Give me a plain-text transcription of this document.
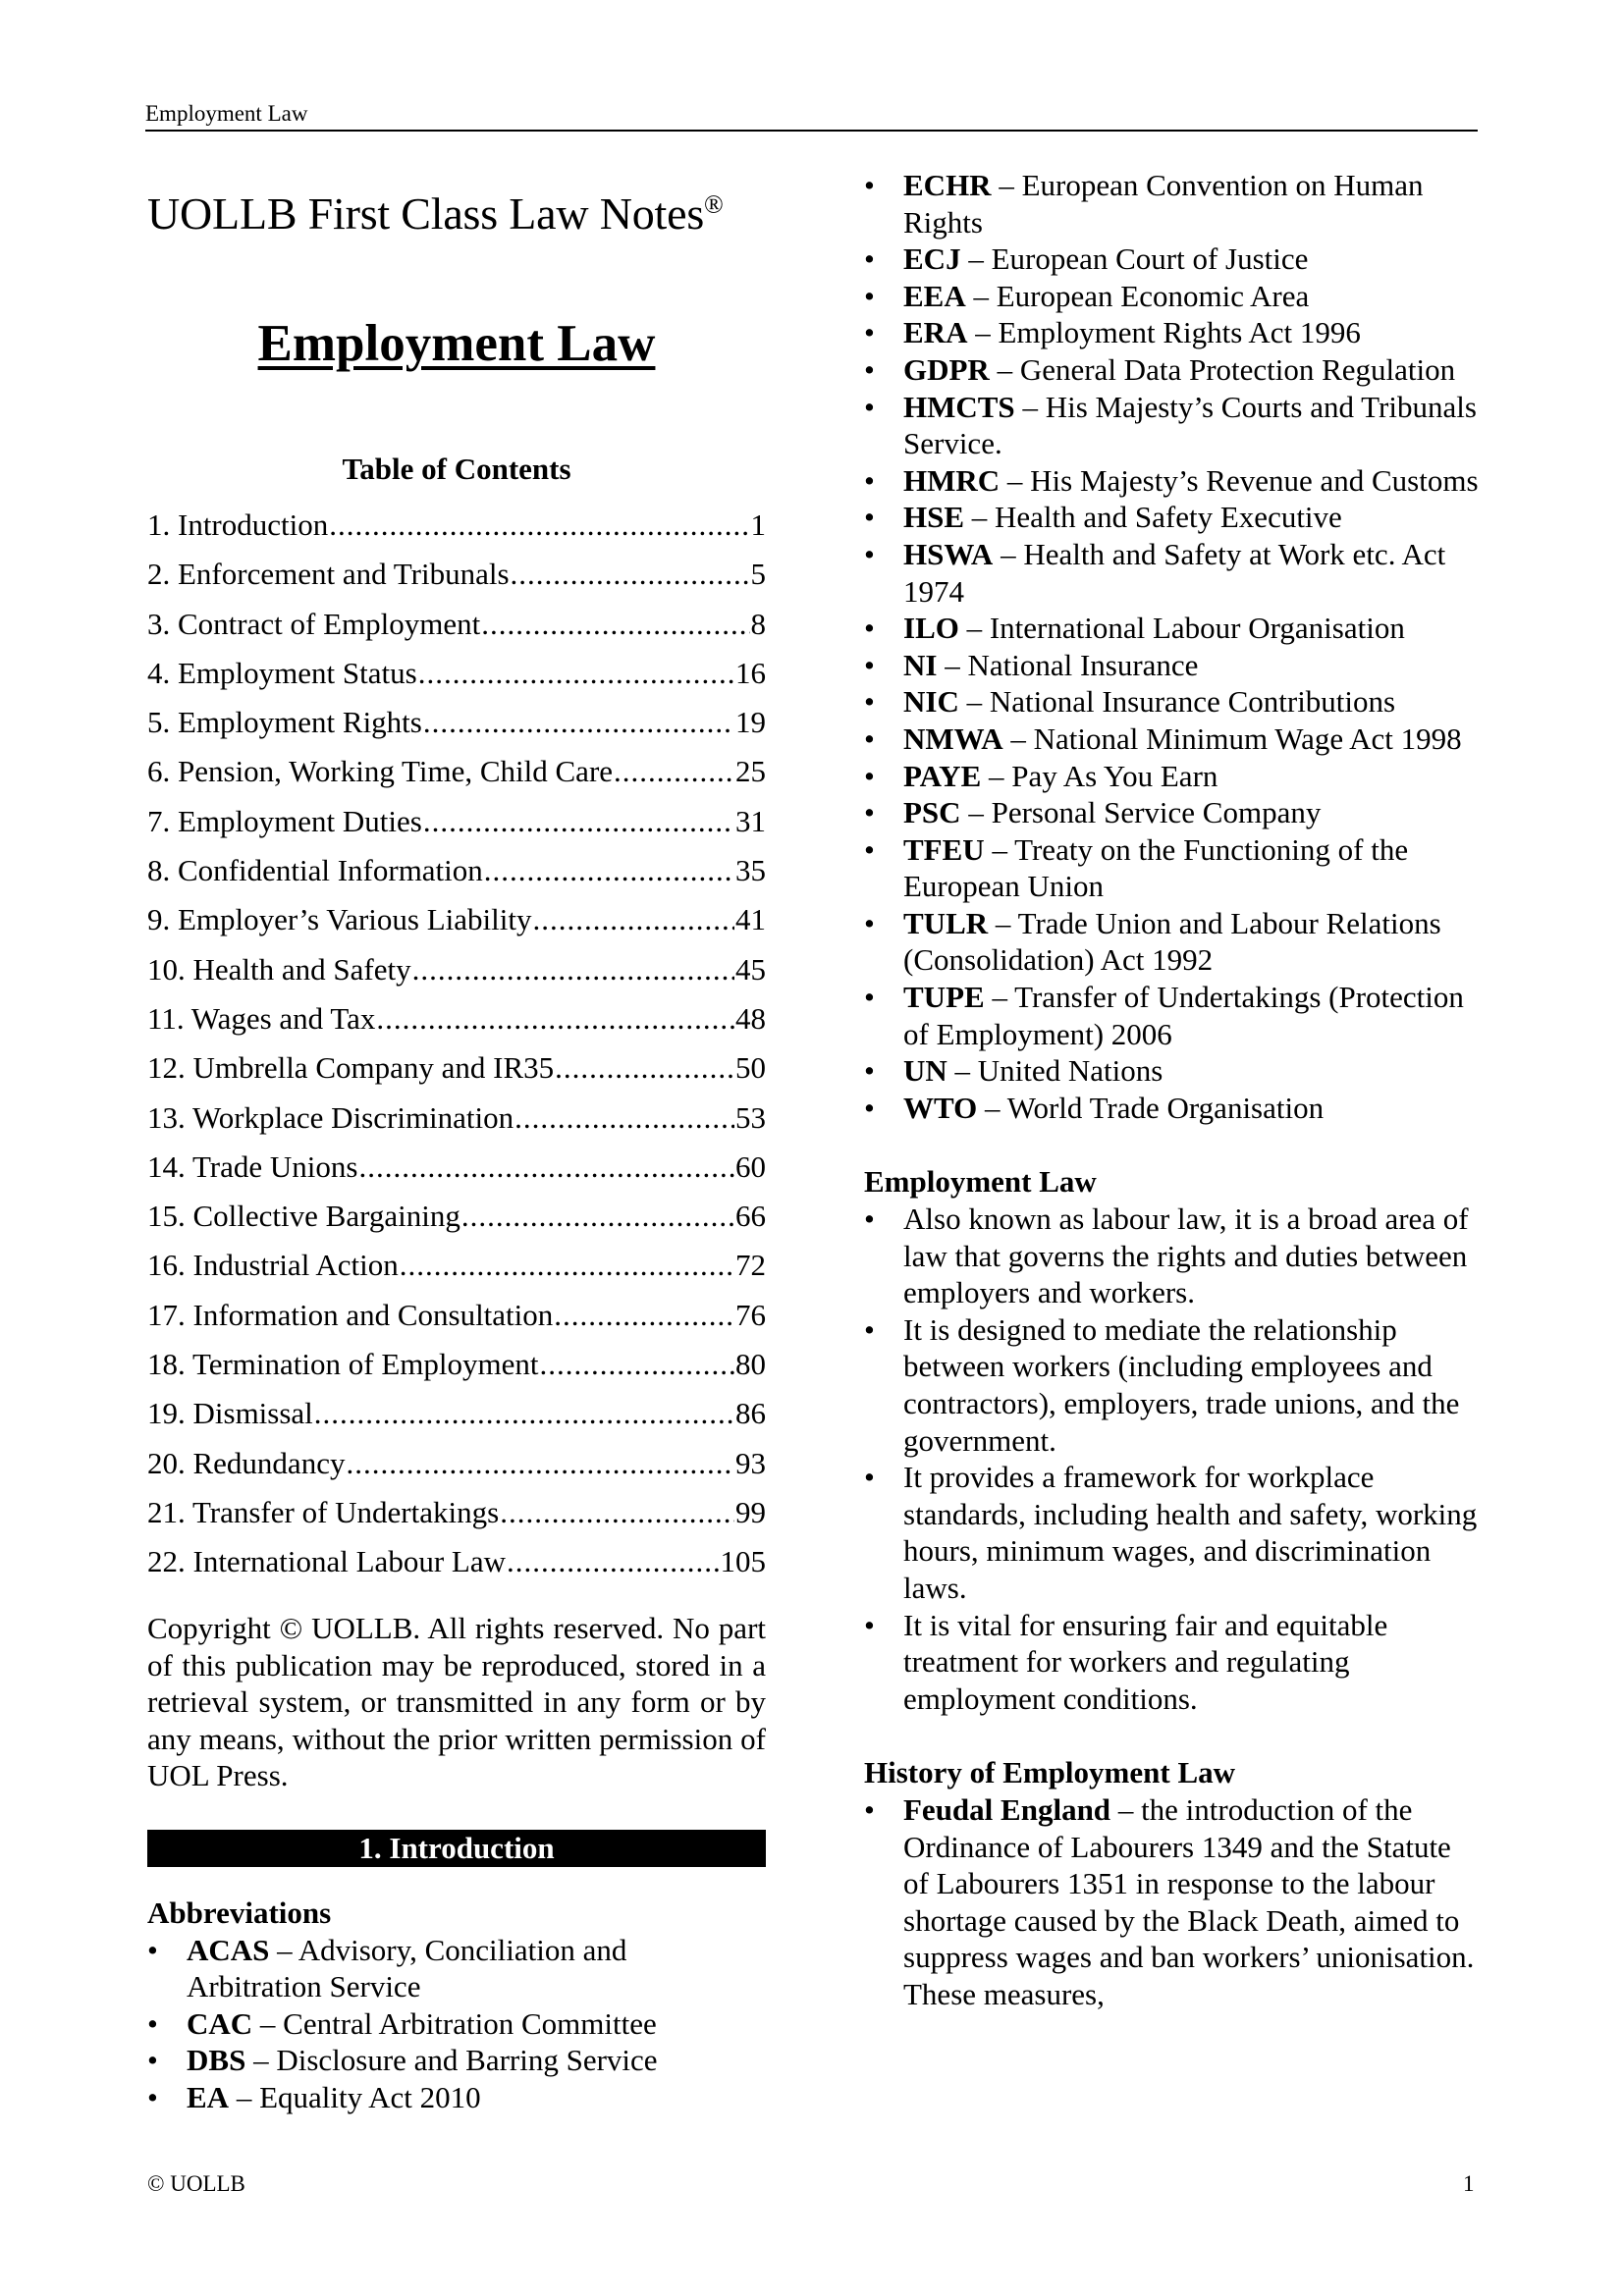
Employment Law
UOLLB First Class Law Notes®
Employment Law
Table of Contents
1. Introduction .....	1
2. Enforcement and Tribunals .....	5
3. Contract of Employment .....	8
4. Employment Status .....	16
5. Employment Rights .....	19
6. Pension, Working Time, Child Care .....	25
7. Employment Duties .....	31
8. Confidential Information .....	35
9. Employer’s Various Liability .....	41
10. Health and Safety .....	45
11. Wages and Tax .....	48
12. Umbrella Company and IR35 .....	50
13. Workplace Discrimination .....	53
14. Trade Unions .....	60
15. Collective Bargaining .....	66
16. Industrial Action .....	72
17. Information and Consultation .....	76
18. Termination of Employment .....	80
19. Dismissal .....	86
20. Redundancy .....	93
21. Transfer of Undertakings .....	99
22. International Labour Law .....	105

Copyright © UOLLB. All rights reserved. No part of this publication may be reproduced, stored in a retrieval system, or transmitted in any form or by any means, without the prior written permission of UOL Press.

1. Introduction
Abbreviations
• ACAS – Advisory, Conciliation and Arbitration Service
• CAC – Central Arbitration Committee
• DBS – Disclosure and Barring Service
• EA – Equality Act 2010
• ECHR – European Convention on Human Rights
• ECJ – European Court of Justice
• EEA – European Economic Area
• ERA – Employment Rights Act 1996
• GDPR – General Data Protection Regulation
• HMCTS – His Majesty’s Courts and Tribunals Service.
• HMRC – His Majesty’s Revenue and Customs
• HSE – Health and Safety Executive
• HSWA – Health and Safety at Work etc. Act 1974
• ILO – International Labour Organisation
• NI – National Insurance
• NIC – National Insurance Contributions
• NMWA – National Minimum Wage Act 1998
• PAYE – Pay As You Earn
• PSC – Personal Service Company
• TFEU – Treaty on the Functioning of the European Union
• TULR – Trade Union and Labour Relations (Consolidation) Act 1992
• TUPE – Transfer of Undertakings (Protection of Employment) 2006
• UN – United Nations
• WTO – World Trade Organisation
Employment Law
• Also known as labour law, it is a broad area of law that governs the rights and duties between employers and workers.
• It is designed to mediate the relationship between workers (including employees and contractors), employers, trade unions, and the government.
• It provides a framework for workplace standards, including health and safety, working hours, minimum wages, and discrimination laws.
• It is vital for ensuring fair and equitable treatment for workers and regulating employment conditions.
History of Employment Law
• Feudal England – the introduction of the Ordinance of Labourers 1349 and the Statute of Labourers 1351 in response to the labour shortage caused by the Black Death, aimed to suppress wages and ban workers’ unionisation. These measures,
© UOLLB	1
